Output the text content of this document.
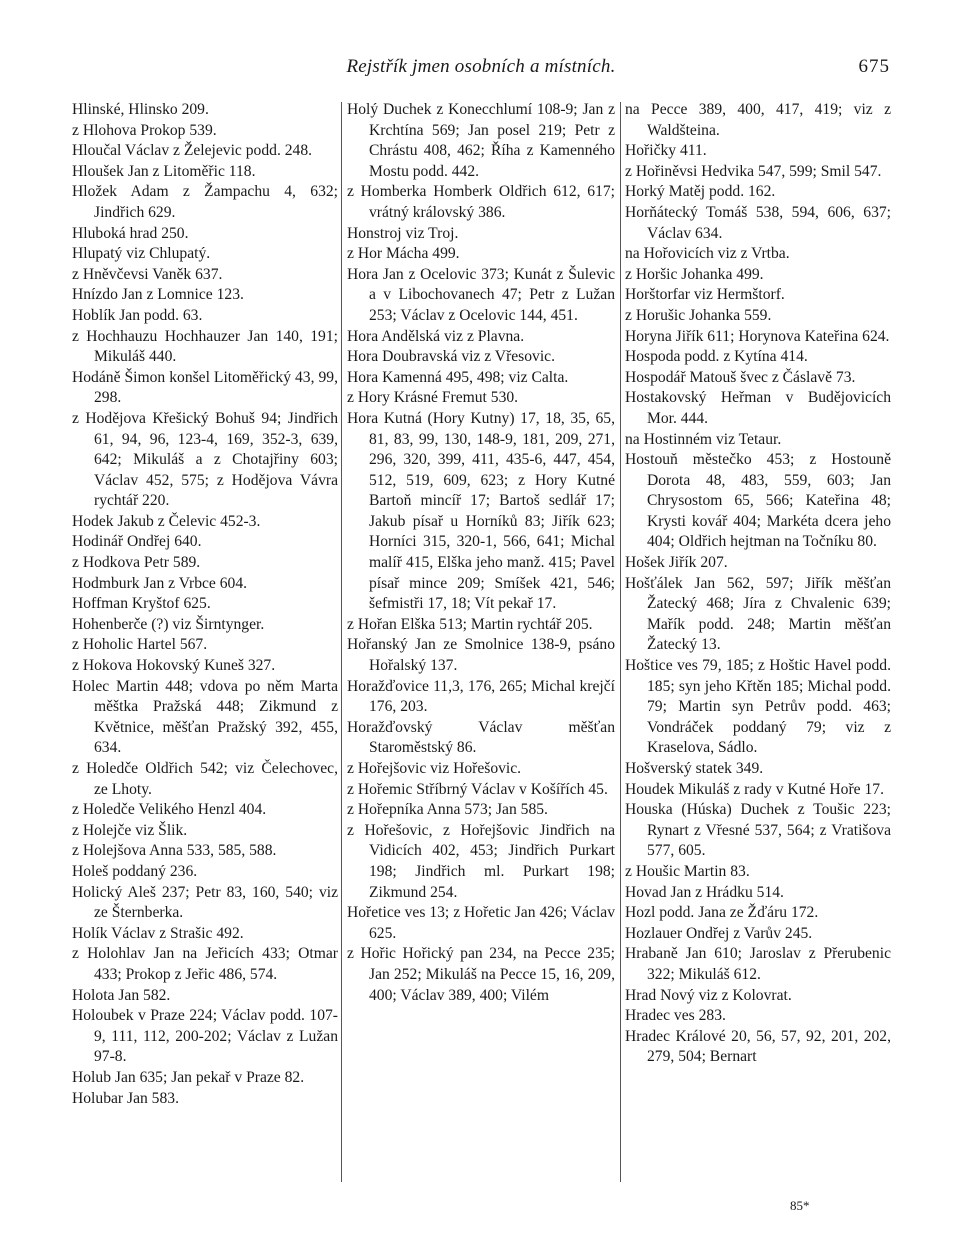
Rejstřík jmen osobních a místních.	675

Hlinské, Hlinsko 209.

z Hlohova Prokop 539.

Hloučal Václav z Želejevic podd. 248.

Hloušek Jan z Litoměřic 118.

Hložek Adam z Žampachu 4, 632; Jindřich 629.

Hluboká hrad 250.

Hlupatý viz Chlupatý.

z Hněvčevsi Vaněk 637.

Hnízdo Jan z Lomnice 123.

Hoblík Jan podd. 63.

z Hochhauzu Hochhauzer Jan 140, 191; Mikuláš 440.

Hodáně Šimon konšel Litoměřický 43, 99, 298.

z Hodějova Křešický Bohuš 94; Jindřich 61, 94, 96, 123-4, 169, 352-3, 639, 642; Mikuláš a z Chotajřiny 603; Václav 452, 575; z Hodějova Vávra rychtář 220.

Hodek Jakub z Čelevic 452-3.

Hodinář Ondřej 640.

z Hodkova Petr 589.

Hodmburk Jan z Vrbce 604.

Hoffman Kryštof 625.

Hohenberče (?) viz Širntynger.

z Hoholic Hartel 567.

z Hokova Hokovský Kuneš 327.

Holec Martin 448; vdova po něm Marta měštka Pražská 448; Zikmund z Květnice, měšťan Pražský 392, 455, 634.

z Holedče Oldřich 542; viz Čelechovec, ze Lhoty.

z Holedče Velikého Henzl 404.

z Holejče viz Šlik.

z Holejšova Anna 533, 585, 588.

Holeš poddaný 236.

Holický Aleš 237; Petr 83, 160, 540; viz ze Šternberka.

Holík Václav z Strašic 492.

z Holohlav Jan na Jeřicích 433; Otmar 433; Prokop z Jeřic 486, 574.

Holota Jan 582.

Holoubek v Praze 224; Václav podd. 107-9, 111, 112, 200-202; Václav z Lužan 97-8.

Holub Jan 635; Jan pekař v Praze 82.

Holubar Jan 583.

Holý Duchek z Konecchlumí 108-9; Jan z Krchtína 569; Jan posel 219; Petr z Chrástu 408, 462; Říha z Kamenného Mostu podd. 442.

z Homberka Homberk Oldřich 612, 617; vrátný královský 386.

Honstroj viz Troj.

z Hor Mácha 499.

Hora Jan z Ocelovic 373; Kunát z Šulevic a v Libochovanech 47; Petr z Lužan 253; Václav z Ocelovic 144, 451.

Hora Andělská viz z Plavna.

Hora Doubravská viz z Vřesovic.

Hora Kamenná 495, 498; viz Calta.

z Hory Krásné Fremut 530.

Hora Kutná (Hory Kutny) 17, 18, 35, 65, 81, 83, 99, 130, 148-9, 181, 209, 271, 296, 320, 399, 411, 435-6, 447, 454, 512, 519, 609, 623; z Hory Kutné Bartoň mincíř 17; Bartoš sedlář 17; Jakub písař u Horníků 83; Jiřík 623; Horníci 315, 320-1, 566, 641; Michal malíř 415, Elška jeho manž. 415; Pavel písař mince 209; Smíšek 421, 546; šefmistři 17, 18; Vít pekař 17.

z Hořan Elška 513; Martin rychtář 205.

Hořanský Jan ze Smolnice 138-9, psáno Hořalský 137.

Horažďovice 11,3, 176, 265; Michal krejčí 176, 203.

Horažďovský Václav měšťan Staroměstský 86.

z Hořejšovic viz Hořešovic.

z Hořemic Stříbrný Václav v Košířích 45.

z Hořepníka Anna 573; Jan 585.

z Hořešovic, z Hořejšovic Jindřich na Vidicích 402, 453; Jindřich Purkart 198; Jindřich ml. Purkart 198; Zikmund 254.

Hořetice ves 13; z Hořetic Jan 426; Václav 625.

z Hořic Hořický pan 234, na Pecce 235; Jan 252; Mikuláš na Pecce 15, 16, 209, 400; Václav 389, 400; Vilém

na Pecce 389, 400, 417, 419; viz z Waldšteina.

Hořičky 411.

z Hořiněvsi Hedvika 547, 599; Smil 547.

Horký Matěj podd. 162.

Horňátecký Tomáš 538, 594, 606, 637; Václav 634.

na Hořovicích viz z Vrtba.

z Horšic Johanka 499.

Horštorfar viz Hermštorf.

z Horušic Johanka 559.

Horyna Jiřík 611; Horynova Kateřina 624.

Hospoda podd. z Kytína 414.

Hospodář Matouš švec z Čáslavě 73.

Hostakovský Heřman v Budějovicích Mor. 444.

na Hostinném viz Tetaur.

Hostouň městečko 453; z Hostouně Dorota 48, 483, 559, 603; Jan Chrysostom 65, 566; Kateřina 48; Krysti kovář 404; Markéta dcera jeho 404; Oldřich hejtman na Točníku 80.

Hošek Jiřík 207.

Hošťálek Jan 562, 597; Jiřík měšťan Žatecký 468; Jíra z Chvalenic 639; Mařík podd. 248; Martin měšťan Žatecký 13.

Hoštice ves 79, 185; z Hoštic Havel podd. 185; syn jeho Křtěn 185; Michal podd. 79; Martin syn Petrův podd. 463; Vondráček poddaný 79; viz z Kraselova, Sádlo.

Hošverský statek 349.

Houdek Mikuláš z rady v Kutné Hoře 17.

Houska (Húska) Duchek z Toušic 223; Rynart z Vřesné 537, 564; z Vratišova 577, 605.

z Houšic Martin 83.

Hovad Jan z Hrádku 514.

Hozl podd. Jana ze Žďáru 172.

Hozlauer Ondřej z Varův 245.

Hrabaně Jan 610; Jaroslav z Přerubenic 322; Mikuláš 612.

Hrad Nový viz z Kolovrat.

Hradec ves 283.

Hradec Králové 20, 56, 57, 92, 201, 202, 279, 504; Bernart

85*
